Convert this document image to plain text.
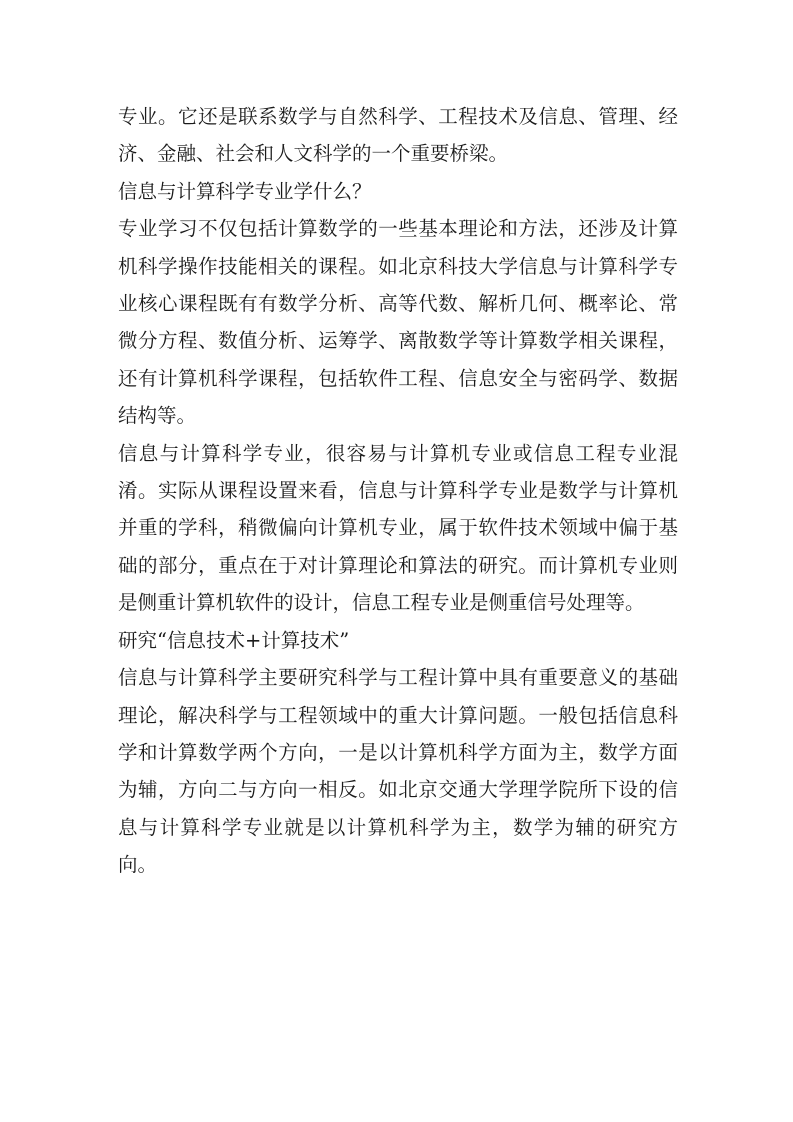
专业。它还是联系数学与自然科学、工程技术及信息、管理、经济、金融、社会和人文科学的一个重要桥梁。

信息与计算科学专业学什么？

专业学习不仅包括计算数学的一些基本理论和方法，还涉及计算机科学操作技能相关的课程。如北京科技大学信息与计算科学专业核心课程既有有数学分析、高等代数、解析几何、概率论、常微分方程、数值分析、运筹学、离散数学等计算数学相关课程，还有计算机科学课程，包括软件工程、信息安全与密码学、数据结构等。

信息与计算科学专业，很容易与计算机专业或信息工程专业混淆。实际从课程设置来看，信息与计算科学专业是数学与计算机并重的学科，稍微偏向计算机专业，属于软件技术领域中偏于基础的部分，重点在于对计算理论和算法的研究。而计算机专业则是侧重计算机软件的设计，信息工程专业是侧重信号处理等。

研究“信息技术+计算技术”

信息与计算科学主要研究科学与工程计算中具有重要意义的基础理论，解决科学与工程领域中的重大计算问题。一般包括信息科学和计算数学两个方向，一是以计算机科学方面为主，数学方面为辅，方向二与方向一相反。如北京交通大学理学院所下设的信息与计算科学专业就是以计算机科学为主，数学为辅的研究方向。
